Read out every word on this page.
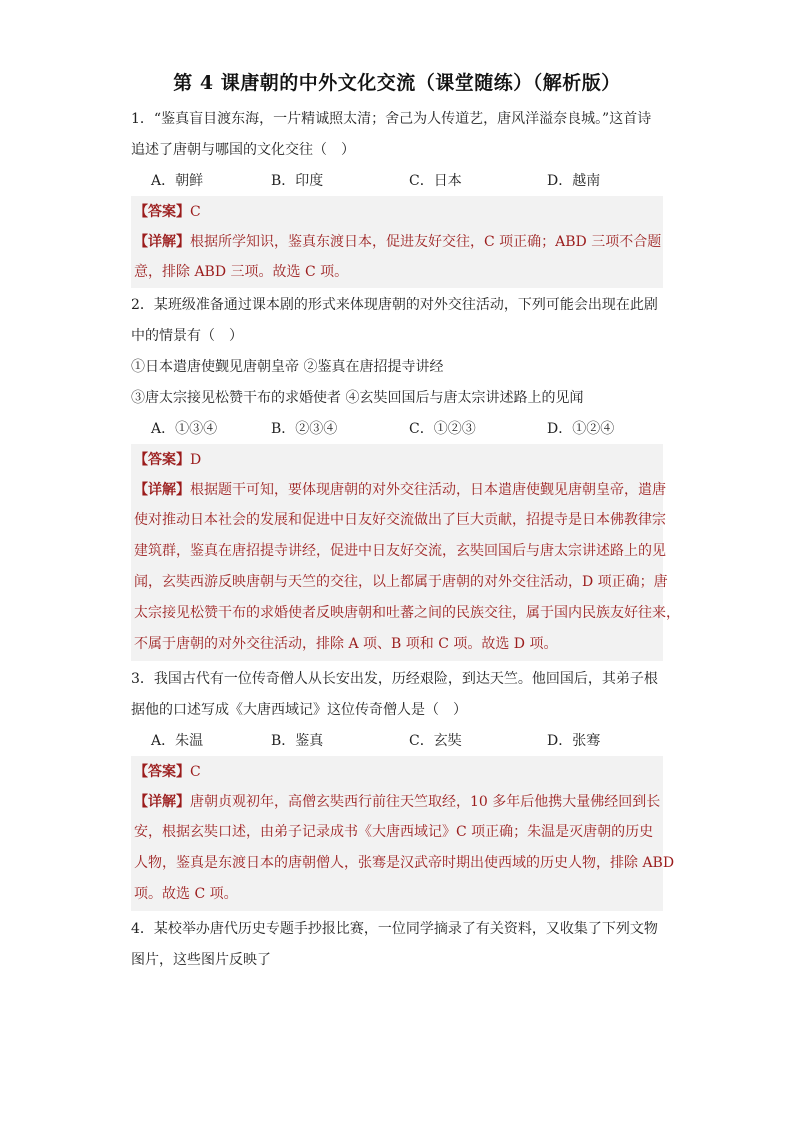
第 4 课唐朝的中外文化交流（课堂随练）（解析版）
1．“鉴真盲目渡东海，一片精诚照太清；舍己为人传道艺，唐风洋溢奈良城。”这首诗
追述了唐朝与哪国的文化交往（　）
A．朝鲜	B．印度	C．日本	D．越南
【答案】C
【详解】根据所学知识，鉴真东渡日本，促进友好交往，C 项正确；ABD 三项不合题
意，排除 ABD 三项。故选 C 项。
2．某班级准备通过课本剧的形式来体现唐朝的对外交往活动，下列可能会出现在此剧
中的情景有（　）
①日本遣唐使觐见唐朝皇帝 ②鉴真在唐招提寺讲经
③唐太宗接见松赞干布的求婚使者 ④玄奘回国后与唐太宗讲述路上的见闻
A．①③④	B．②③④	C．①②③	D．①②④
【答案】D
【详解】根据题干可知，要体现唐朝的对外交往活动，日本遣唐使觐见唐朝皇帝，遣唐
使对推动日本社会的发展和促进中日友好交流做出了巨大贡献，招提寺是日本佛教律宗
建筑群，鉴真在唐招提寺讲经，促进中日友好交流，玄奘回国后与唐太宗讲述路上的见
闻，玄奘西游反映唐朝与天竺的交往，以上都属于唐朝的对外交往活动，D 项正确；唐
太宗接见松赞干布的求婚使者反映唐朝和吐蕃之间的民族交往，属于国内民族友好往来，
不属于唐朝的对外交往活动，排除 A 项、B 项和 C 项。故选 D 项。
3．我国古代有一位传奇僧人从长安出发，历经艰险，到达天竺。他回国后，其弟子根
据他的口述写成《大唐西域记》这位传奇僧人是（　）
A．朱温	B．鉴真	C．玄奘	D．张骞
【答案】C
【详解】唐朝贞观初年，高僧玄奘西行前往天竺取经，10 多年后他携大量佛经回到长
安，根据玄奘口述，由弟子记录成书《大唐西域记》C 项正确；朱温是灭唐朝的历史
人物，鉴真是东渡日本的唐朝僧人，张骞是汉武帝时期出使西域的历史人物，排除 ABD
项。故选 C 项。
4．某校举办唐代历史专题手抄报比赛，一位同学摘录了有关资料，又收集了下列文物
图片，这些图片反映了
